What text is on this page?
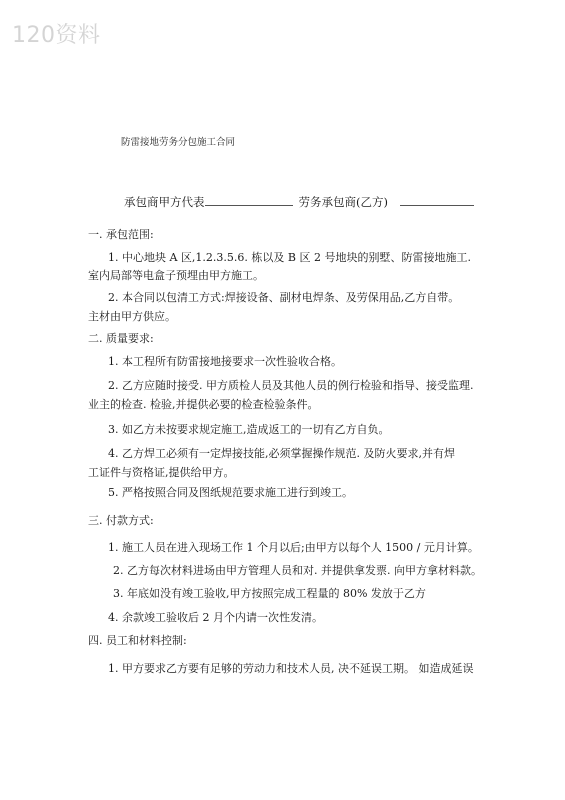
120资料
防雷接地劳务分包施工合同
承包商甲方代表	劳务承包商(乙方)
一. 承包范围:
1. 中心地块 A 区,1.2.3.5.6. 栋以及 B 区 2 号地块的别墅、防雷接地施工.
室内局部等电盒子预埋由甲方施工。
2. 本合同以包清工方式:焊接设备、副材电焊条、及劳保用品,乙方自带。
主材由甲方供应。
二. 质量要求:
1. 本工程所有防雷接地接要求一次性验收合格。
2. 乙方应随时接受. 甲方质检人员及其他人员的例行检验和指导、接受监理.
业主的检查. 检验,并提供必要的检查检验条件。
3. 如乙方未按要求规定施工,造成返工的一切有乙方自负。
4. 乙方焊工必须有一定焊接技能,必须掌握操作规范. 及防火要求,并有焊
工证件与资格证,提供给甲方。
5. 严格按照合同及图纸规范要求施工进行到竣工。
三. 付款方式:
1. 施工人员在进入现场工作 1 个月以后;由甲方以每个人 1500 / 元月计算。
2. 乙方每次材料进场由甲方管理人员和对. 并提供拿发票. 向甲方拿材料款。
3. 年底如没有竣工验收,甲方按照完成工程量的 80% 发放于乙方
4. 余款竣工验收后 2 月个内请一次性发清。
四. 员工和材料控制:
1. 甲方要求乙方要有足够的劳动力和技术人员, 决不延误工期。 如造成延误
